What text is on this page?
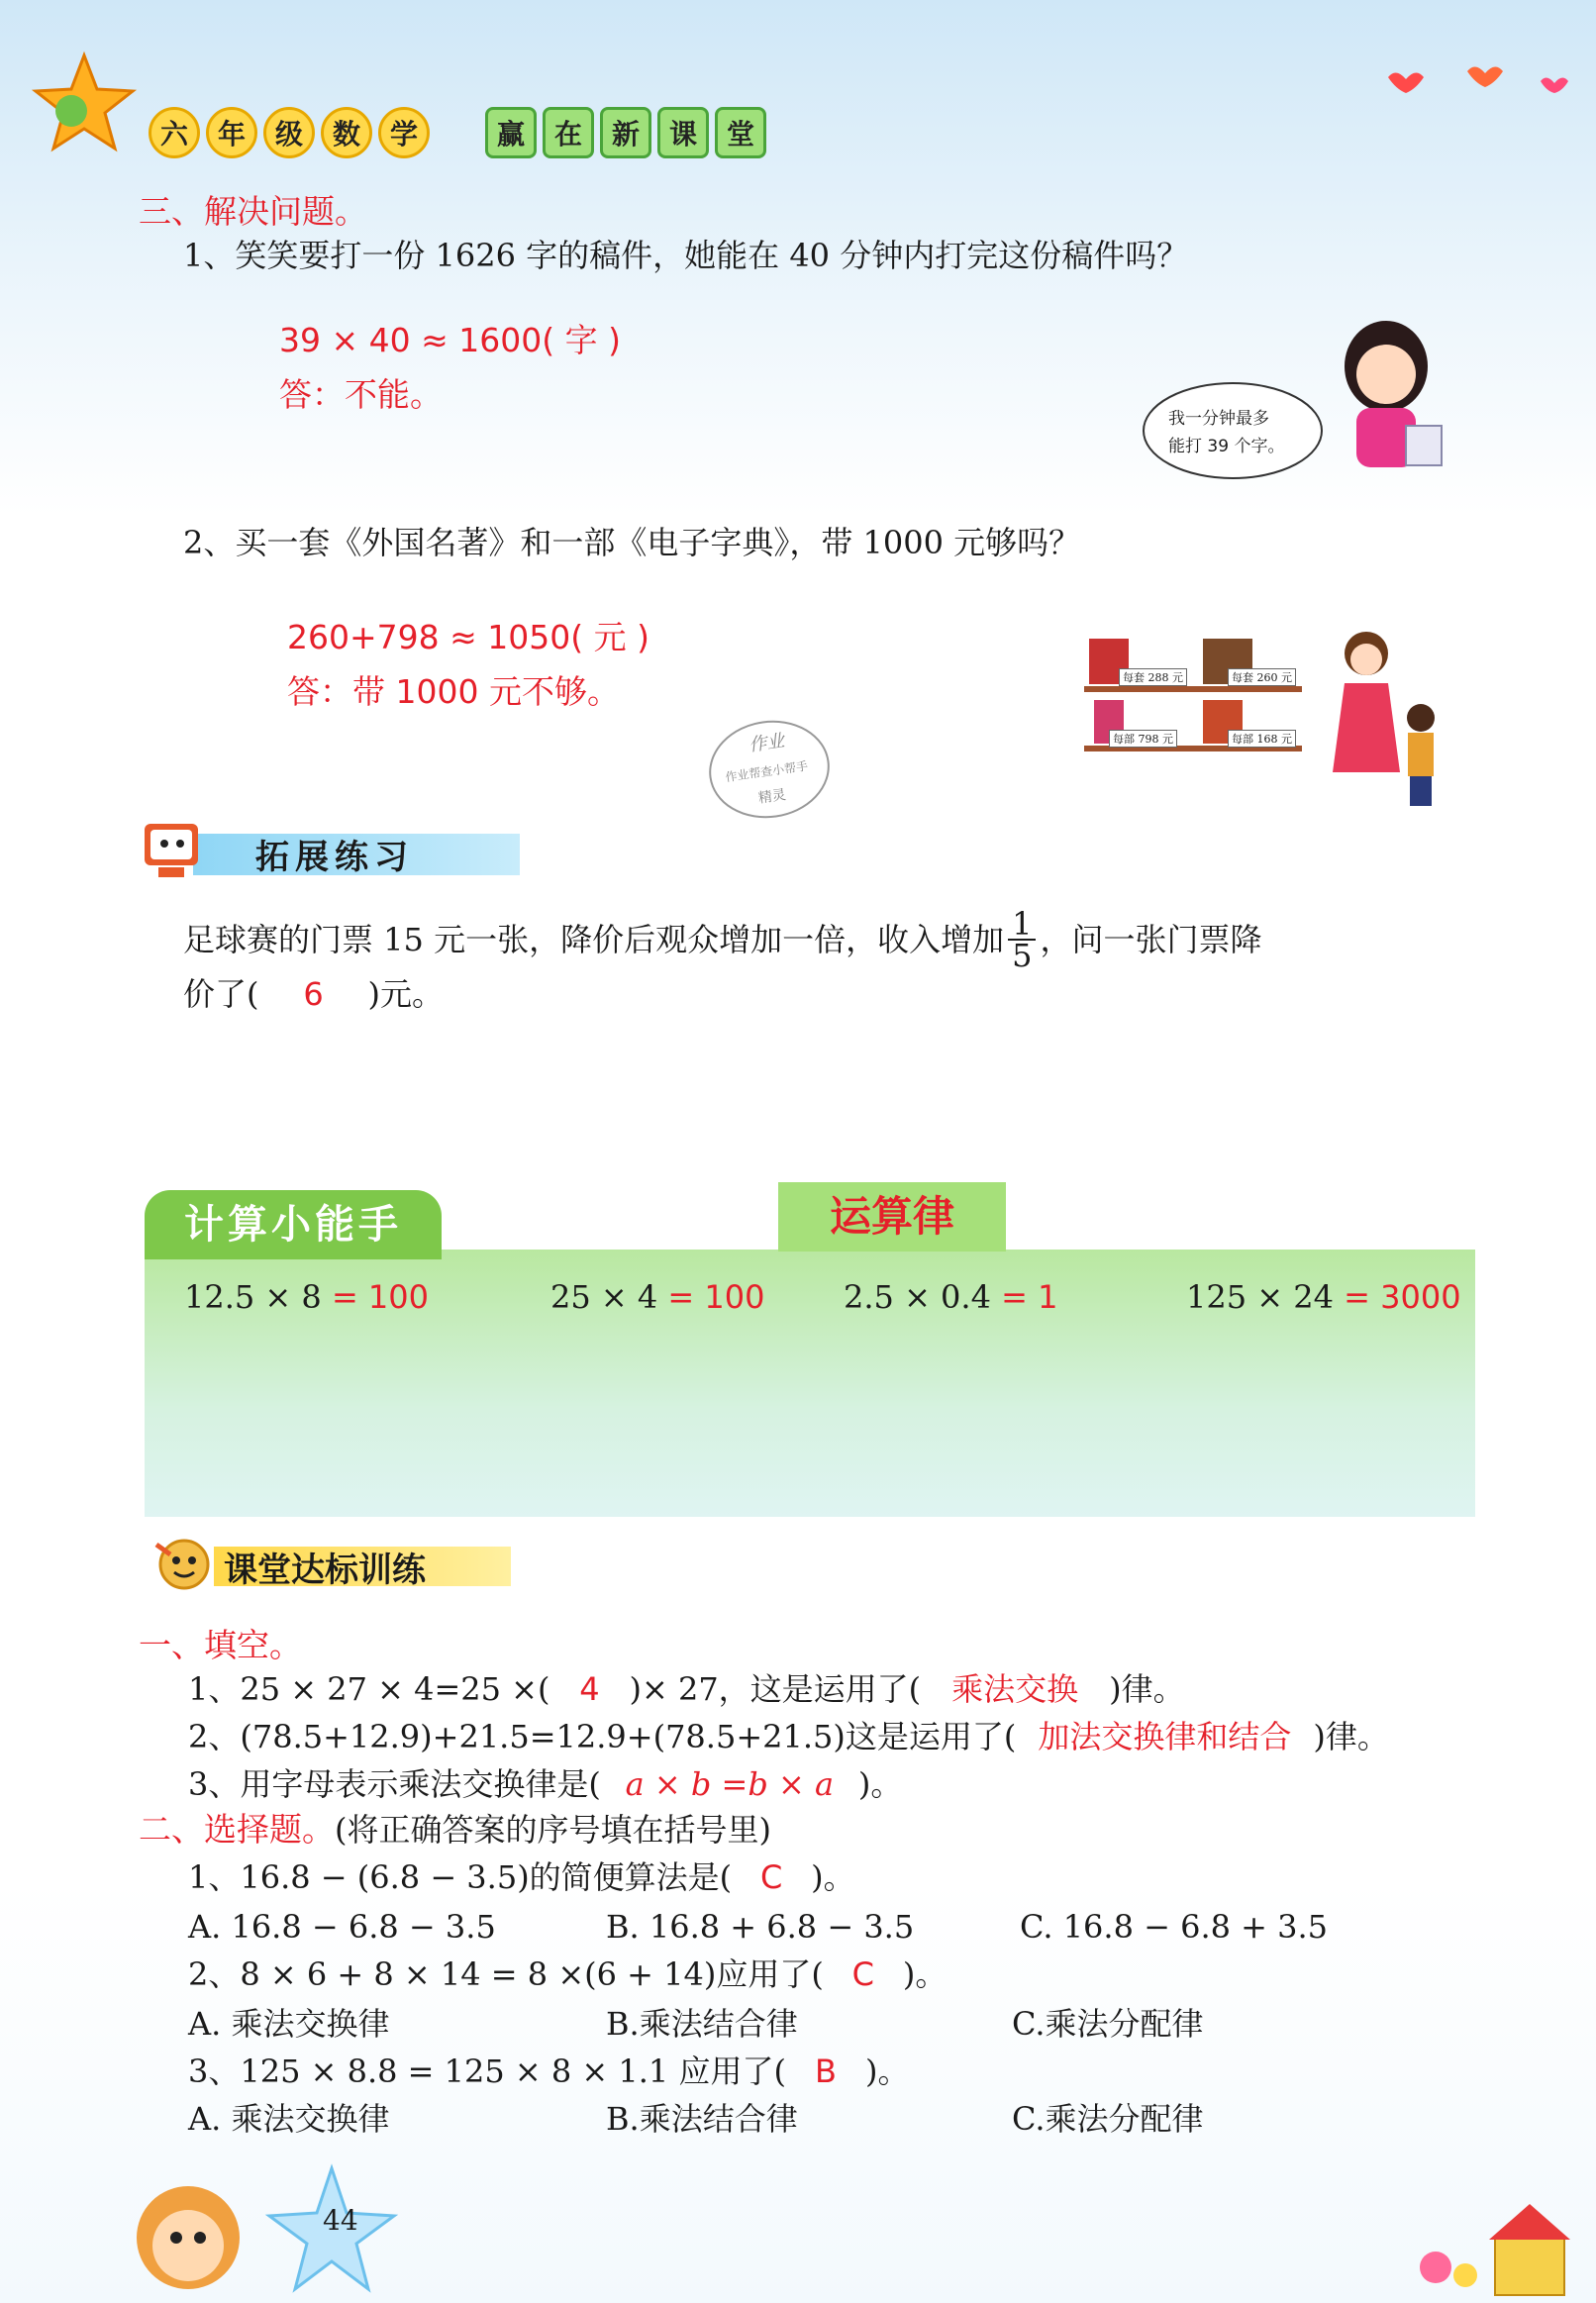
六	年	级	数	学	赢	在	新	课	堂
三、解决问题。
1、笑笑要打一份 1626 字的稿件，她能在 40 分钟内打完这份稿件吗？
39 × 40 ≈ 1600( 字 )
答：不能。
我一分钟最多
能打 39 个字。
2、买一套《外国名著》和一部《电子字典》，带 1000 元够吗？
260+798 ≈ 1050( 元 )
答：带 1000 元不够。	每套 288 元	每套 260 元
每部 798 元	每部 168 元
作业
作业帮查小帮手
精灵
拓展练习
足球赛的门票 15 元一张，降价后观众增加一倍，收入增加 $\frac{1}{5}$ ，问一张门票降
价了( 6 )元。
计算小能手	运算律
12.5 × 8 = 100	25 × 4 = 100 2.5 × 0.4 = 1	125 × 24 = 3000
课堂达标训练
一、填空。
1、25 × 27 × 4=25 ×( 4 )× 27，这是运用了( 乘法交换 )律。
2、(78.5+12.9)+21.5=12.9+(78.5+21.5)这是运用了( 加法交换律和结合 )律。
3、用字母表示乘法交换律是( a × b =b × a )。
二、选择题。(将正确答案的序号填在括号里)
1、16.8 − (6.8 − 3.5)的简便算法是( C )。
A. 16.8 − 6.8 − 3.5	B. 16.8 + 6.8 − 3.5	C. 16.8 − 6.8 + 3.5
2、8 × 6 + 8 × 14 = 8 ×(6 + 14)应用了( C )。
A. 乘法交换律	B.乘法结合律	C.乘法分配律
3、125 × 8.8 = 125 × 8 × 1.1 应用了( B )。
A. 乘法交换律	B.乘法结合律	C.乘法分配律
44
